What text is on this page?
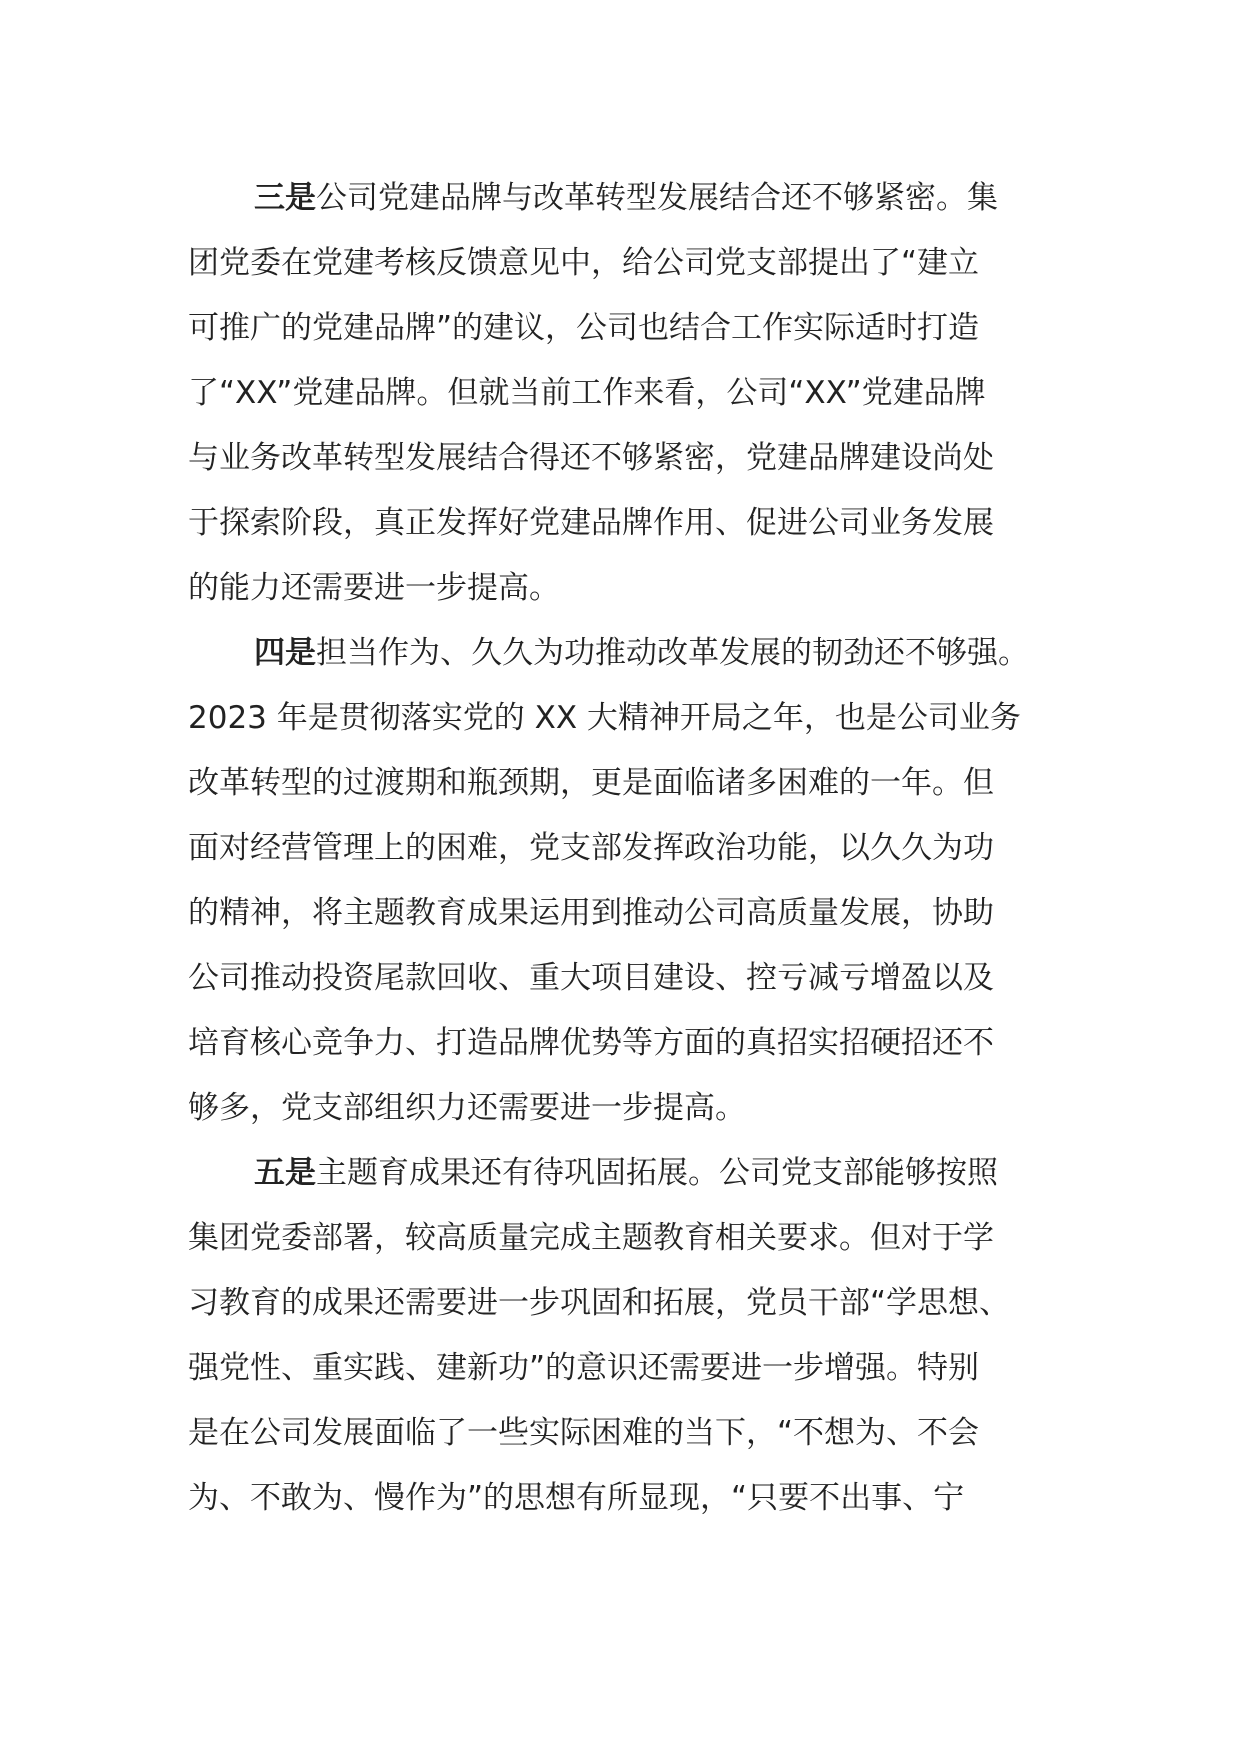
三是公司党建品牌与改革转型发展结合还不够紧密。集
团党委在党建考核反馈意见中，给公司党支部提出了“建立
可推广的党建品牌”的建议，公司也结合工作实际适时打造
了“XX”党建品牌。但就当前工作来看，公司“XX”党建品牌
与业务改革转型发展结合得还不够紧密，党建品牌建设尚处
于探索阶段，真正发挥好党建品牌作用、促进公司业务发展
的能力还需要进一步提高。
四是担当作为、久久为功推动改革发展的韧劲还不够强。
2023 年是贯彻落实党的 XX 大精神开局之年，也是公司业务
改革转型的过渡期和瓶颈期，更是面临诸多困难的一年。但
面对经营管理上的困难，党支部发挥政治功能，以久久为功
的精神，将主题教育成果运用到推动公司高质量发展，协助
公司推动投资尾款回收、重大项目建设、控亏减亏增盈以及
培育核心竞争力、打造品牌优势等方面的真招实招硬招还不
够多，党支部组织力还需要进一步提高。
五是主题育成果还有待巩固拓展。公司党支部能够按照
集团党委部署，较高质量完成主题教育相关要求。但对于学
习教育的成果还需要进一步巩固和拓展，党员干部“学思想、
强党性、重实践、建新功”的意识还需要进一步增强。特别
是在公司发展面临了一些实际困难的当下，“不想为、不会
为、不敢为、慢作为”的思想有所显现，“只要不出事、宁
